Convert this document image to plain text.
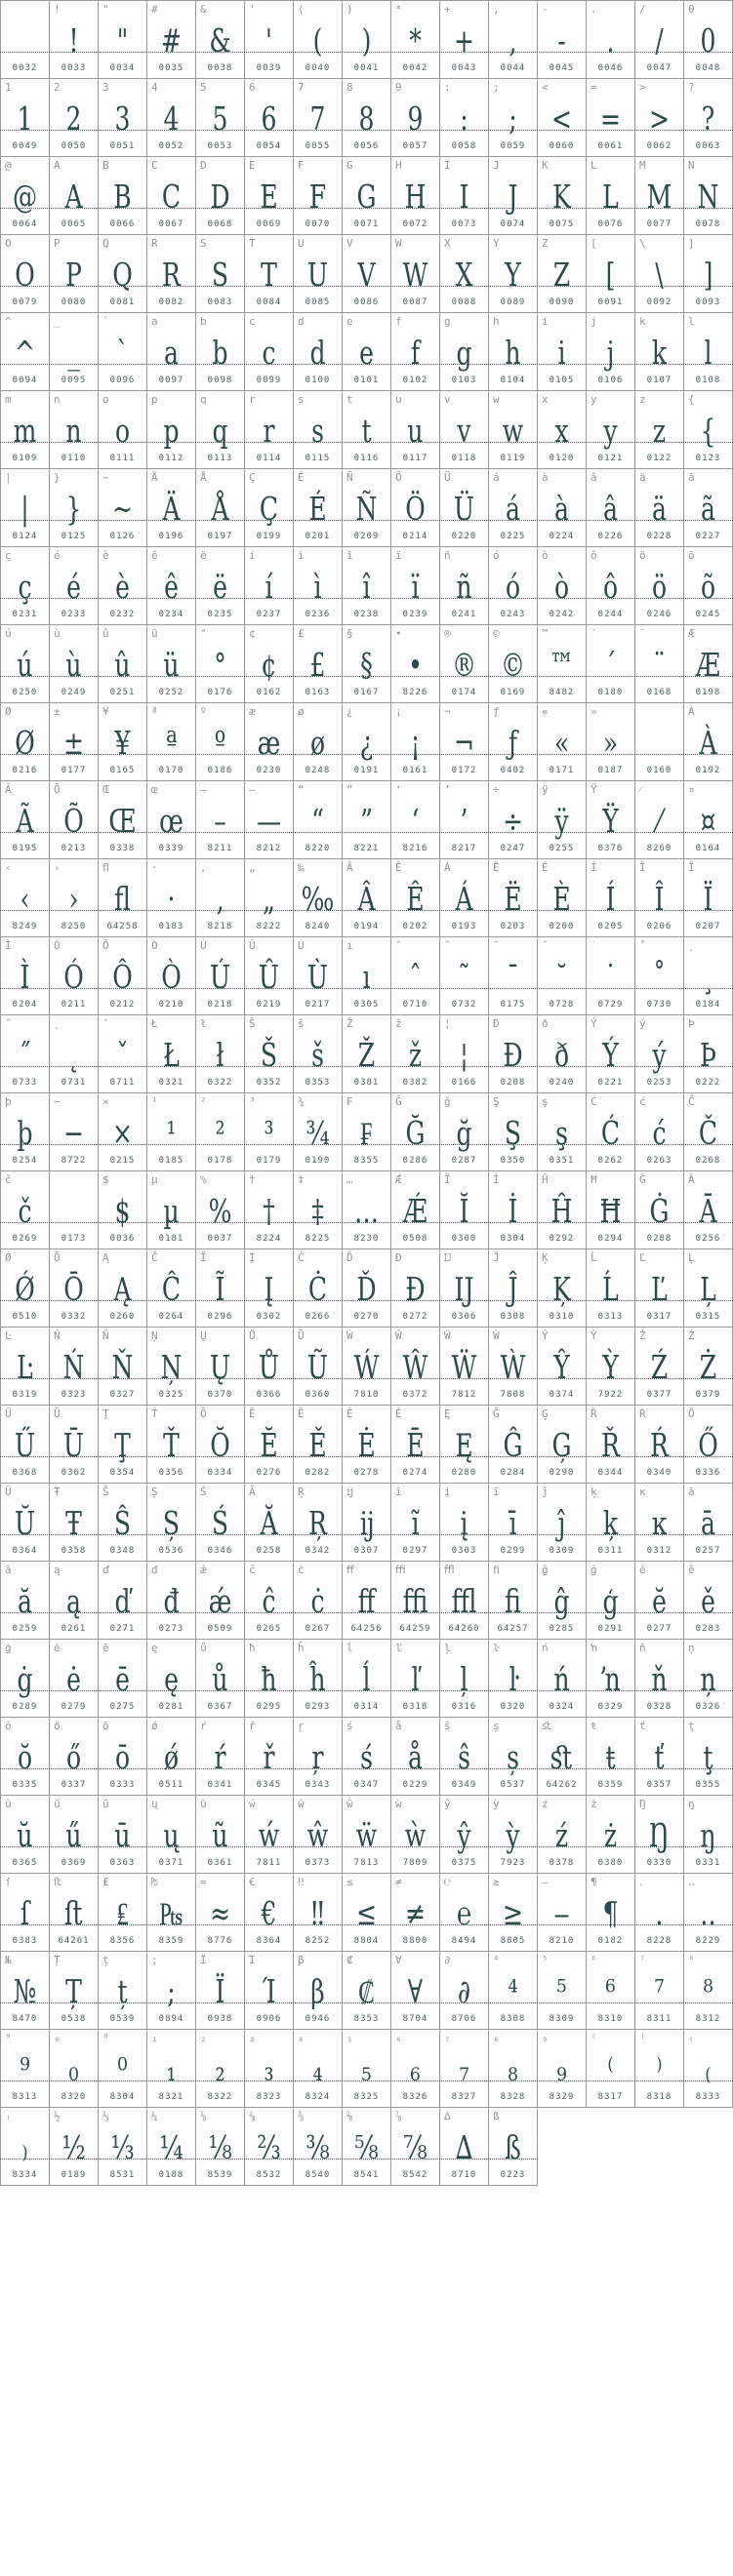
0032
!
!
0033
"
"
0034
#
#
0035
&
&
0038
'
'
0039
(
(
0040
)
)
0041
*
*
0042
+
+
0043
,
,
0044
-
-
0045
.
.
0046
/
/
0047
0
0
0048
1
1
0049
2
2
0050
3
3
0051
4
4
0052
5
5
0053
6
6
0054
7
7
0055
8
8
0056
9
9
0057
:
:
0058
;
;
0059
<
<
0060
=
=
0061
>
>
0062
?
?
0063
@
@
0064
A
A
0065
B
B
0066
C
C
0067
D
D
0068
E
E
0069
F
F
0070
G
G
0071
H
H
0072
I
I
0073
J
J
0074
K
K
0075
L
L
0076
M
M
0077
N
N
0078
O
O
0079
P
P
0080
Q
Q
0081
R
R
0082
S
S
0083
T
T
0084
U
U
0085
V
V
0086
W
W
0087
X
X
0088
Y
Y
0089
Z
Z
0090
[
[
0091
\
\
0092
]
]
0093
^
^
0094
_
_
0095
`
`
0096
a
a
0097
b
b
0098
c
c
0099
d
d
0100
e
e
0101
f
f
0102
g
g
0103
h
h
0104
i
i
0105
j
j
0106
k
k
0107
l
l
0108
m
m
0109
n
n
0110
o
o
0111
p
p
0112
q
q
0113
r
r
0114
s
s
0115
t
t
0116
u
u
0117
v
v
0118
w
w
0119
x
x
0120
y
y
0121
z
z
0122
{
{
0123
|
|
0124
}
}
0125
~
~
0126
Ä
Ä
0196
Å
Å
0197
Ç
Ç
0199
É
É
0201
Ñ
Ñ
0209
Ö
Ö
0214
Ü
Ü
0220
á
á
0225
à
à
0224
â
â
0226
ä
ä
0228
ã
ã
0227
ç
ç
0231
é
é
0233
è
è
0232
ê
ê
0234
ë
ë
0235
í
í
0237
ì
ì
0236
î
î
0238
ï
ï
0239
ñ
ñ
0241
ó
ó
0243
ò
ò
0242
ô
ô
0244
ö
ö
0246
õ
õ
0245
ú
ú
0250
ù
ù
0249
û
û
0251
ü
ü
0252
°
°
0176
¢
¢
0162
£
£
0163
§
§
0167
•
•
8226
®
®
0174
©
©
0169
™
™
8482
´
´
0180
¨
¨
0168
Æ
Æ
0198
Ø
Ø
0216
±
±
0177
¥
¥
0165
ª
ª
0170
º
º
0186
æ
æ
0230
ø
ø
0248
¿
¿
0191
¡
¡
0161
¬
¬
0172
ƒ
ƒ
0402
«
«
0171
»
»
0187	0160
À
À
0192
Ã
Ã
0195
Õ
Õ
0213
Œ
Œ
0338
œ
œ
0339
–
–
8211
—
—
8212
“
“
8220
”
”
8221
‘
‘
8216
’
’
8217
÷
÷
0247
ÿ
ÿ
0255
Ÿ
Ÿ
0376
⁄
⁄
8260
¤
¤
0164
‹
‹
8249
›
›
8250
ﬂ
ﬂ
64258
·
·
0183
‚
‚
8218
„
„
8222
‰
‰
8240
Â
Â
0194
Ê
Ê
0202
Á
Á
0193
Ë
Ë
0203
È
È
0200
Í
Í
0205
Î
Î
0206
Ï
Ï
0207
Ì
Ì
0204
Ó
Ó
0211
Ô
Ô
0212
Ò
Ò
0210
Ú
Ú
0218
Û
Û
0219
Ù
Ù
0217
ı
ı
0305
ˆ
ˆ
0710
˜
˜
0732
¯
¯
0175
˘
˘
0728
˙
˙
0729
˚
˚
0730
¸
¸
0184
˝
˝
0733
˛
˛
0731
ˇ
ˇ
0711
Ł
Ł
0321
ł
ł
0322
Š
Š
0352
š
š
0353
Ž
Ž
0381
ž
ž
0382
¦
¦
0166
Ð
Ð
0208
ð
ð
0240
Ý
Ý
0221
ý
ý
0253
Þ
Þ
0222
þ
þ
0254
−
−
8722
×
×
0215
¹
¹
0185
²
²
0178
³
³
0179
¾
¾
0190
₣
₣
8355
Ğ
Ğ
0286
ğ
ğ
0287
Ş
Ş
0350
ş
ş
0351
Ć
Ć
0262
ć
ć
0263
Č
Č
0268
č
č
0269	0173
$
$
0036
µ
µ
0181
%
%
0037
†
†
8224
‡
‡
8225
…
…
8230
Ǽ
Ǽ
0508
Ĭ
Ĭ
0300
İ
İ
0304
Ĥ
Ĥ
0292
Ħ
Ħ
0294
Ġ
Ġ
0288
Ā
Ā
0256
Ǿ
Ǿ
0510
Ō
Ō
0332
Ą
Ą
0260
Ĉ
Ĉ
0264
Ĩ
Ĩ
0296
Į
Į
0302
Ċ
Ċ
0266
Ď
Ď
0270
Đ
Đ
0272
Ĳ
Ĳ
0306
Ĵ
Ĵ
0308
Ķ
Ķ
0310
Ĺ
Ĺ
0313
Ľ
Ľ
0317
Ļ
Ļ
0315
Ŀ
Ŀ
0319
Ń
Ń
0323
Ň
Ň
0327
Ņ
Ņ
0325
Ų
Ų
0370
Ů
Ů
0366
Ũ
Ũ
0360
Ẃ
Ẃ
7810
Ŵ
Ŵ
0372
Ẅ
Ẅ
7812
Ẁ
Ẁ
7808
Ŷ
Ŷ
0374
Ỳ
Ỳ
7922
Ź
Ź
0377
Ż
Ż
0379
Ű
Ű
0368
Ū
Ū
0362
Ţ
Ţ
0354
Ť
Ť
0356
Ŏ
Ŏ
0334
Ĕ
Ĕ
0276
Ě
Ě
0282
Ė
Ė
0278
Ē
Ē
0274
Ę
Ę
0280
Ĝ
Ĝ
0284
Ģ
Ģ
0290
Ř
Ř
0344
Ŕ
Ŕ
0340
Ő
Ő
0336
Ŭ
Ŭ
0364
Ŧ
Ŧ
0358
Ŝ
Ŝ
0348
Ș
Ș
0536
Ś
Ś
0346
Ă
Ă
0258
Ŗ
Ŗ
0342
ĳ
ĳ
0307
ĩ
ĩ
0297
į
į
0303
ī
ī
0299
ĵ
ĵ
0309
ķ
ķ
0311
ĸ
ĸ
0312
ā
ā
0257
ă
ă
0259
ą
ą
0261
ď
ď
0271
đ
đ
0273
ǽ
ǽ
0509
ĉ
ĉ
0265
ċ
ċ
0267
ﬀ
ﬀ
64256
ﬃ
ﬃ
64259
ﬄ
ﬄ
64260
ﬁ
ﬁ
64257
ĝ
ĝ
0285
ģ
ģ
0291
ĕ
ĕ
0277
ě
ě
0283
ġ
ġ
0289
ė
ė
0279
ē
ē
0275
ę
ę
0281
ů
ů
0367
ħ
ħ
0295
ĥ
ĥ
0293
ĺ
ĺ
0314
ľ
ľ
0318
ļ
ļ
0316
ŀ
ŀ
0320
ń
ń
0324
ŉ
ŉ
0329
ň
ň
0328
ņ
ņ
0326
ŏ
ŏ
0335
ő
ő
0337
ō
ō
0333
ǿ
ǿ
0511
ŕ
ŕ
0341
ř
ř
0345
ŗ
ŗ
0343
ś
ś
0347
å
å
0229
ŝ
ŝ
0349
ș
ș
0537
ﬆ
ﬆ
64262
ŧ
ŧ
0359
ť
ť
0357
ţ
ţ
0355
ŭ
ŭ
0365
ű
ű
0369
ū
ū
0363
ų
ų
0371
ũ
ũ
0361
ẃ
ẃ
7811
ŵ
ŵ
0373
ẅ
ẅ
7813
ẁ
ẁ
7809
ŷ
ŷ
0375
ỳ
ỳ
7923
ź
ź
0378
ż
ż
0380
Ŋ
Ŋ
0330
ŋ
ŋ
0331
ſ
ſ
0383
ﬅ
ﬅ
64261
₤
₤
8356
₧
₧
8359
≈
≈
8776
€
€
8364
‼
‼
8252
≤
≤
8804
≠
≠
8800
℮
℮
8494
≥
≥
8805
‒
‒
8210
¶
¶
0182
․
․
8228
‥
‥
8229
№
№
8470
Ț
Ț
0538
ț
ț
0539
;
;
0894
Ϊ
Ϊ
0938
Ί
Ί
0906
β
β
0946
₡
₡
8353
∀
∀
8704
∂
∂
8706
⁴
⁴
8308
⁵
⁵
8309
⁶
⁶
8310
⁷
⁷
8311
⁸
⁸
8312
⁹
⁹
8313
₀
₀
8320
⁰
⁰
8304
₁
₁
8321
₂
₂
8322
₃
₃
8323
₄
₄
8324
₅
₅
8325
₆
₆
8326
₇
₇
8327
₈
₈
8328
₉
₉
8329
⁽
⁽
8317
⁾
⁾
8318
₍
₍
8333
₎
₎
8334
½
½
0189
⅓
⅓
8531
¼
¼
0188
⅛
⅛
8539
⅔
⅔
8532
⅜
⅜
8540
⅝
⅝
8541
⅞
⅞
8542
∆
∆
8710
ß
ß
0223
